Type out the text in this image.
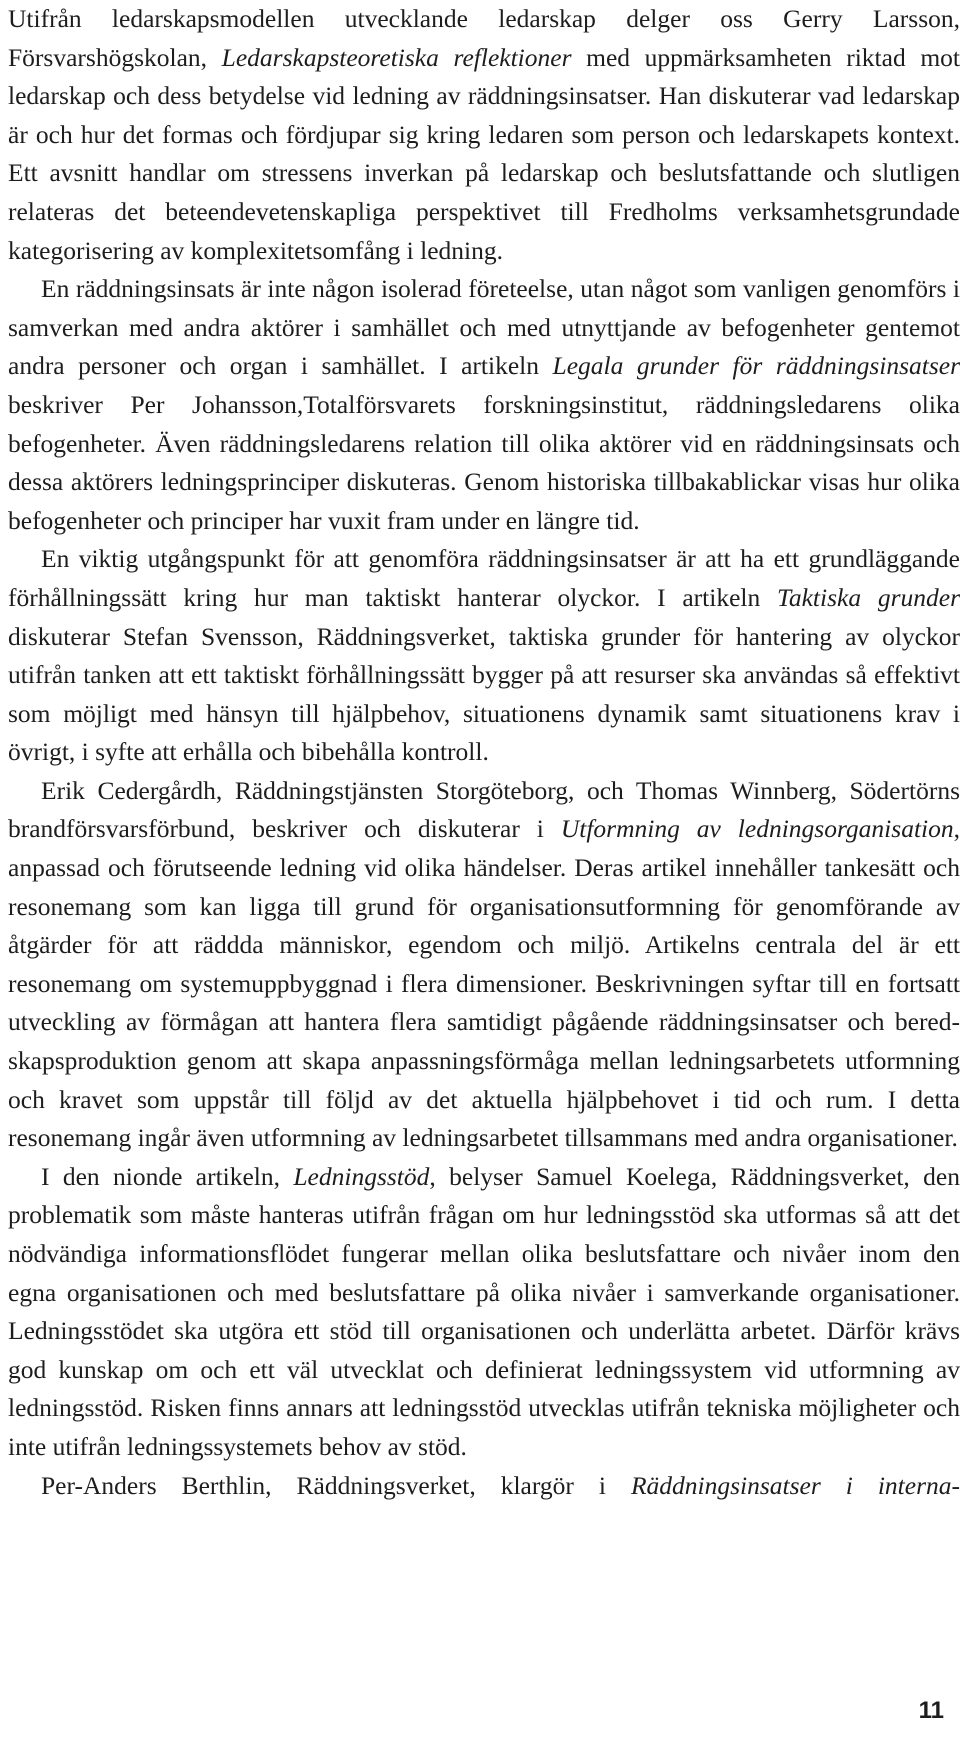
Utifrån ledarskapsmodellen utvecklande ledarskap delger oss Gerry Larsson, Försvarshögskolan, Ledarskapsteoretiska reflektioner med uppmärksamheten riktad mot ledarskap och dess betydelse vid ledning av räddningsinsatser. Han diskuterar vad ledarskap är och hur det formas och fördjupar sig kring ledaren som person och ledarskapets kontext. Ett avsnitt handlar om stressens inverkan på ledarskap och beslutsfattande och slutligen relateras det beteendevetenskapliga perspektivet till Fredholms verksamhetsgrundade kategorisering av komplexitetsomfång i ledning.

En räddningsinsats är inte någon isolerad företeelse, utan något som vanligen genomförs i samverkan med andra aktörer i samhället och med utnyttjande av befogenheter gentemot andra personer och organ i samhället. I artikeln Legala grunder för räddningsinsatser beskriver Per Johansson,Totalförsvarets forskningsinstitut, räddningsledarens olika befogenheter. Även räddningsledarens relation till olika aktörer vid en räddningsinsats och dessa aktörers ledningsprinciper diskuteras. Genom historiska tillbakablickar visas hur olika befogenheter och principer har vuxit fram under en längre tid.

En viktig utgångspunkt för att genomföra räddningsinsatser är att ha ett grundläggande förhållningssätt kring hur man taktiskt hanterar olyckor. I artikeln Taktiska grunder diskuterar Stefan Svensson, Räddningsverket, taktiska grunder för hantering av olyckor utifrån tanken att ett taktiskt förhållningssätt bygger på att resurser ska användas så effektivt som möjligt med hänsyn till hjälpbehov, situationens dynamik samt situationens krav i övrigt, i syfte att erhålla och bibehålla kontroll.

Erik Cedergårdh, Räddningstjänsten Storgöteborg, och Thomas Winnberg, Södertörns brandförsvarsförbund, beskriver och diskuterar i Utformning av ledningsorganisation, anpassad och förutseende ledning vid olika händelser. Deras artikel innehåller tankesätt och resonemang som kan ligga till grund för organisationsutformning för genomförande av åtgärder för att räddda människor, egendom och miljö. Artikelns centrala del är ett resonemang om systemuppbyggnad i flera dimensioner. Beskrivningen syftar till en fortsatt utveckling av förmågan att hantera flera samtidigt pågående räddningsinsatser och beredskapsproduktion genom att skapa anpassningsförmåga mellan ledningsarbetets utformning och kravet som uppstår till följd av det aktuella hjälpbehovet i tid och rum. I detta resonemang ingår även utformning av ledningsarbetet tillsammans med andra organisationer.

I den nionde artikeln, Ledningsstöd, belyser Samuel Koelega, Räddningsverket, den problematik som måste hanteras utifrån frågan om hur ledningsstöd ska utformas så att det nödvändiga informationsflödet fungerar mellan olika beslutsfattare och nivåer inom den egna organisationen och med beslutsfattare på olika nivåer i samverkande organisationer. Ledningsstödet ska utgöra ett stöd till organisationen och underlätta arbetet. Därför krävs god kunskap om och ett väl utvecklat och definierat ledningssystem vid utformning av ledningsstöd. Risken finns annars att ledningsstöd utvecklas utifrån tekniska möjligheter och inte utifrån ledningssystemets behov av stöd.

Per-Anders Berthlin, Räddningsverket, klargör i Räddningsinsatser i interna-

11
